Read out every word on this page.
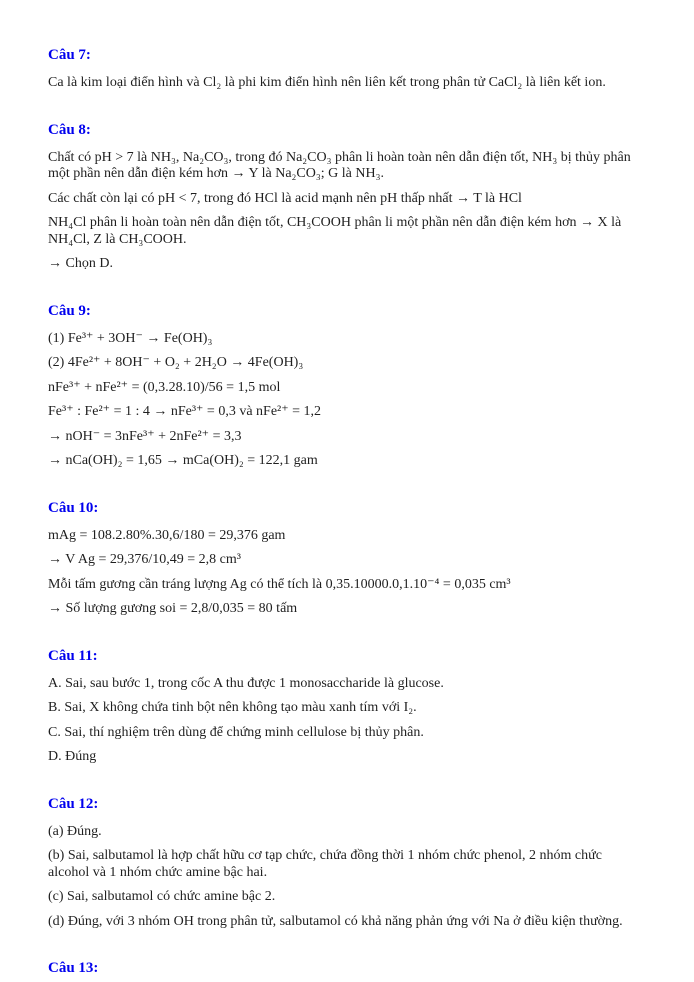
Câu 7:

Ca là kim loại điển hình và Cl₂ là phi kim điển hình nên liên kết trong phân tử CaCl₂ là liên kết ion.

Câu 8:

Chất có pH > 7 là NH₃, Na₂CO₃, trong đó Na₂CO₃ phân li hoàn toàn nên dẫn điện tốt, NH₃ bị thủy phân một phần nên dẫn điện kém hơn → Y là Na₂CO₃; G là NH₃.

Các chất còn lại có pH < 7, trong đó HCl là acid mạnh nên pH thấp nhất → T là HCl

NH₄Cl phân li hoàn toàn nên dẫn điện tốt, CH₃COOH phân li một phần nên dẫn điện kém hơn → X là NH₄Cl, Z là CH₃COOH.

→ Chọn D.

Câu 9:

(1) Fe³⁺ + 3OH⁻ → Fe(OH)₃

(2) 4Fe²⁺ + 8OH⁻ + O₂ + 2H₂O → 4Fe(OH)₃

nFe³⁺ + nFe²⁺ = (0,3.28.10)/56 = 1,5 mol

Fe³⁺ : Fe²⁺ = 1 : 4 → nFe³⁺ = 0,3 và nFe²⁺ = 1,2

→ nOH⁻ = 3nFe³⁺ + 2nFe²⁺ = 3,3

→ nCa(OH)₂ = 1,65 → mCa(OH)₂ = 122,1 gam

Câu 10:

mAg = 108.2.80%.30,6/180 = 29,376 gam

→ V Ag = 29,376/10,49 = 2,8 cm³

Mỗi tấm gương cần tráng lượng Ag có thể tích là 0,35.10000.0,1.10⁻⁴ = 0,035 cm³

→ Số lượng gương soi = 2,8/0,035 = 80 tấm

Câu 11:

A. Sai, sau bước 1, trong cốc A thu được 1 monosaccharide là glucose.

B. Sai, X không chứa tinh bột nên không tạo màu xanh tím với I₂.

C. Sai, thí nghiệm trên dùng để chứng minh cellulose bị thủy phân.

D. Đúng

Câu 12:

(a) Đúng.

(b) Sai, salbutamol là hợp chất hữu cơ tạp chức, chứa đồng thời 1 nhóm chức phenol, 2 nhóm chức alcohol và 1 nhóm chức amine bậc hai.

(c) Sai, salbutamol có chức amine bậc 2.

(d) Đúng, với 3 nhóm OH trong phân tử, salbutamol có khả năng phản ứng với Na ở điều kiện thường.

Câu 13:
